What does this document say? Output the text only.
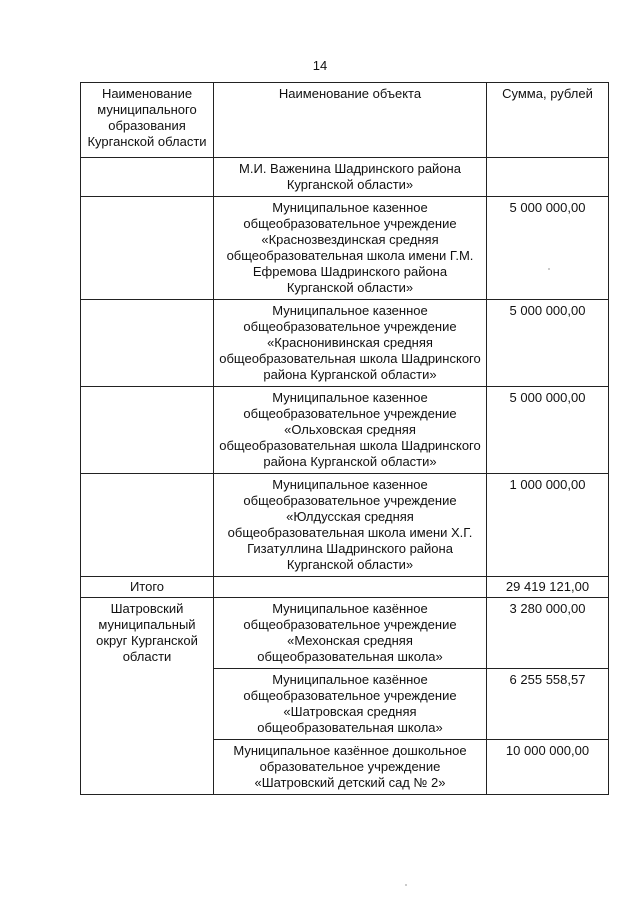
14
Наименование муниципального образования Курганской области	Наименование объекта	Сумма, рублей
	М.И. Важенина Шадринского района Курганской области»	
	Муниципальное казенное общеобразовательное учреждение «Краснозвездинская средняя общеобразовательная школа имени Г.М. Ефремова Шадринского района Курганской области»	5 000 000,00
	Муниципальное казенное общеобразовательное учреждение «Краснонивинская средняя общеобразовательная школа Шадринского района Курганской области»	5 000 000,00
	Муниципальное казенное общеобразовательное учреждение «Ольховская средняя общеобразовательная школа Шадринского района Курганской области»	5 000 000,00
	Муниципальное казенное общеобразовательное учреждение «Юлдусская средняя общеобразовательная школа имени Х.Г. Гизатуллина Шадринского района Курганской области»	1 000 000,00
Итого		29 419 121,00
Шатровский муниципальный округ Курганской области	Муниципальное казённое общеобразовательное учреждение «Мехонская средняя общеобразовательная школа»	3 280 000,00
	Муниципальное казённое общеобразовательное учреждение «Шатровская средняя общеобразовательная школа»	6 255 558,57
	Муниципальное казённое дошкольное образовательное учреждение «Шатровский детский сад № 2»	10 000 000,00
